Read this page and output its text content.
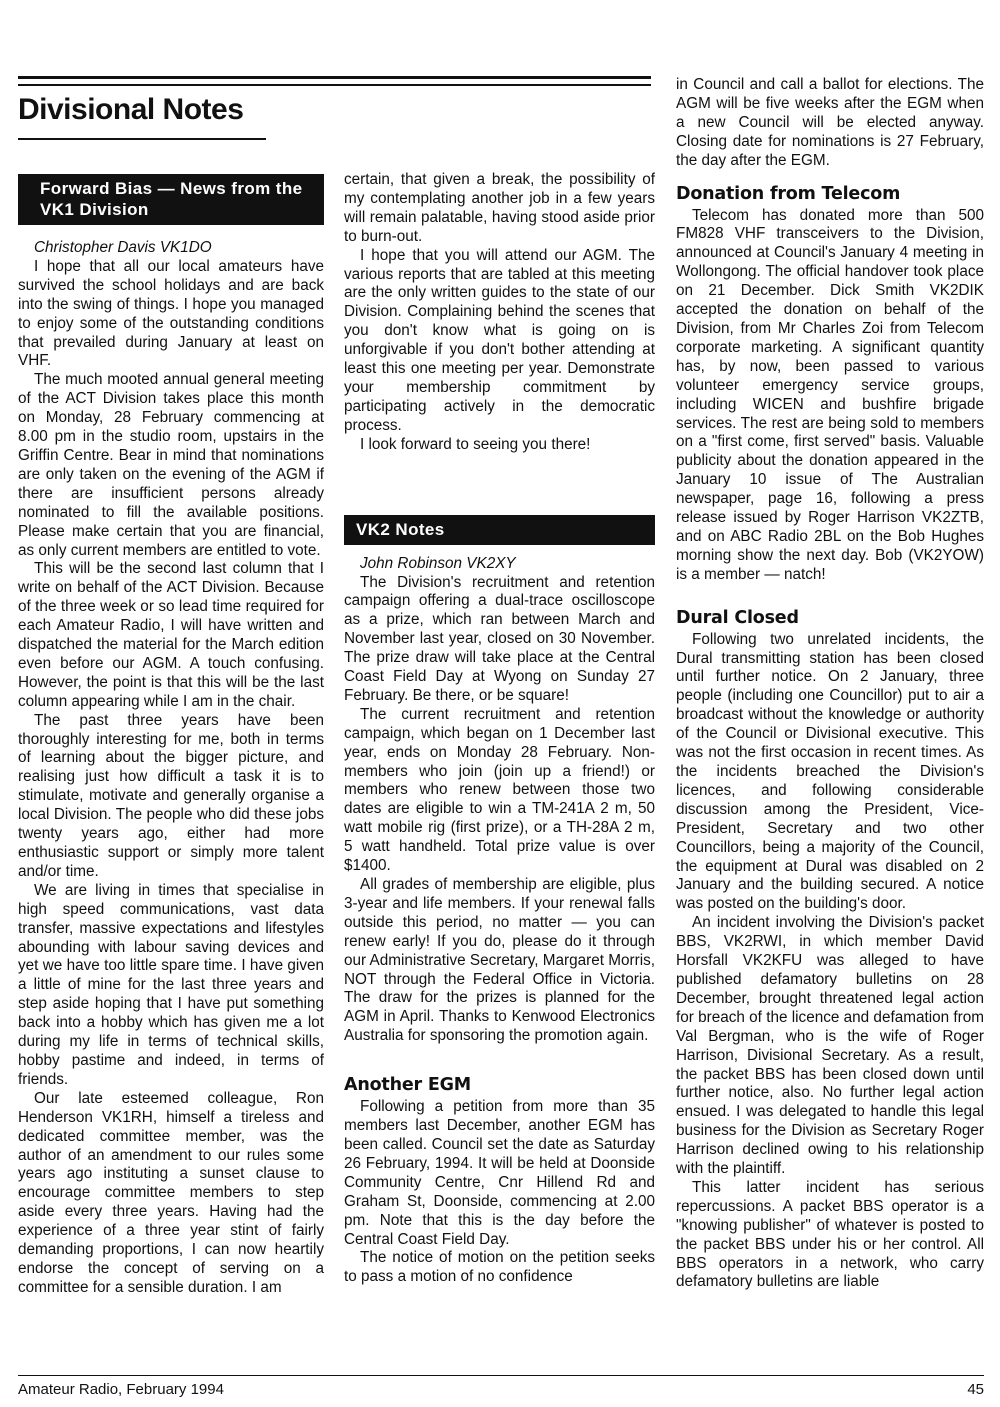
Divisional Notes
Forward Bias — News from the VK1 Division

Christopher Davis VK1DO

I hope that all our local amateurs have survived the school holidays and are back into the swing of things. I hope you managed to enjoy some of the outstanding conditions that prevailed during January at least on VHF.

The much mooted annual general meeting of the ACT Division takes place this month on Monday, 28 February commencing at 8.00 pm in the studio room, upstairs in the Griffin Centre. Bear in mind that nominations are only taken on the evening of the AGM if there are insufficient persons already nominated to fill the available positions. Please make certain that you are financial, as only current members are entitled to vote.

This will be the second last column that I write on behalf of the ACT Division. Because of the three week or so lead time required for each Amateur Radio, I will have written and dispatched the material for the March edition even before our AGM. A touch confusing. However, the point is that this will be the last column appearing while I am in the chair.

The past three years have been thoroughly interesting for me, both in terms of learning about the bigger picture, and realising just how difficult a task it is to stimulate, motivate and generally organise a local Division. The people who did these jobs twenty years ago, either had more enthusiastic support or simply more talent and/or time.

We are living in times that specialise in high speed communications, vast data transfer, massive expectations and lifestyles abounding with labour saving devices and yet we have too little spare time. I have given a little of mine for the last three years and step aside hoping that I have put something back into a hobby which has given me a lot during my life in terms of technical skills, hobby pastime and indeed, in terms of friends.

Our late esteemed colleague, Ron Henderson VK1RH, himself a tireless and dedicated committee member, was the author of an amendment to our rules some years ago instituting a sunset clause to encourage committee members to step aside every three years. Having had the experience of a three year stint of fairly demanding proportions, I can now heartily endorse the concept of serving on a committee for a sensible duration. I am

certain, that given a break, the possibility of my contemplating another job in a few years will remain palatable, having stood aside prior to burn-out.

I hope that you will attend our AGM. The various reports that are tabled at this meeting are the only written guides to the state of our Division. Complaining behind the scenes that you don't know what is going on is unforgivable if you don't bother attending at least this one meeting per year. Demonstrate your membership commitment by participating actively in the democratic process.

I look forward to seeing you there!

VK2 Notes

John Robinson VK2XY

The Division's recruitment and retention campaign offering a dual-trace oscilloscope as a prize, which ran between March and November last year, closed on 30 November. The prize draw will take place at the Central Coast Field Day at Wyong on Sunday 27 February. Be there, or be square!

The current recruitment and retention campaign, which began on 1 December last year, ends on Monday 28 February. Non-members who join (join up a friend!) or members who renew between those two dates are eligible to win a TM-241A 2 m, 50 watt mobile rig (first prize), or a TH-28A 2 m, 5 watt handheld. Total prize value is over $1400.

All grades of membership are eligible, plus 3-year and life members. If your renewal falls outside this period, no matter — you can renew early! If you do, please do it through our Administrative Secretary, Margaret Morris, NOT through the Federal Office in Victoria. The draw for the prizes is planned for the AGM in April. Thanks to Kenwood Electronics Australia for sponsoring the promotion again.

Another EGM

Following a petition from more than 35 members last December, another EGM has been called. Council set the date as Saturday 26 February, 1994. It will be held at Doonside Community Centre, Cnr Hillend Rd and Graham St, Doonside, commencing at 2.00 pm. Note that this is the day before the Central Coast Field Day.

The notice of motion on the petition seeks to pass a motion of no confidence

in Council and call a ballot for elections. The AGM will be five weeks after the EGM when a new Council will be elected anyway. Closing date for nominations is 27 February, the day after the EGM.

Donation from Telecom

Telecom has donated more than 500 FM828 VHF transceivers to the Division, announced at Council's January 4 meeting in Wollongong. The official handover took place on 21 December. Dick Smith VK2DIK accepted the donation on behalf of the Division, from Mr Charles Zoi from Telecom corporate marketing. A significant quantity has, by now, been passed to various volunteer emergency service groups, including WICEN and bushfire brigade services. The rest are being sold to members on a "first come, first served" basis. Valuable publicity about the donation appeared in the January 10 issue of The Australian newspaper, page 16, following a press release issued by Roger Harrison VK2ZTB, and on ABC Radio 2BL on the Bob Hughes morning show the next day. Bob (VK2YOW) is a member — natch!

Dural Closed

Following two unrelated incidents, the Dural transmitting station has been closed until further notice. On 2 January, three people (including one Councillor) put to air a broadcast without the knowledge or authority of the Council or Divisional executive. This was not the first occasion in recent times. As the incidents breached the Division's licences, and following considerable discussion among the President, Vice-President, Secretary and two other Councillors, being a majority of the Council, the equipment at Dural was disabled on 2 January and the building secured. A notice was posted on the building's door.

An incident involving the Division's packet BBS, VK2RWI, in which member David Horsfall VK2KFU was alleged to have published defamatory bulletins on 28 December, brought threatened legal action for breach of the licence and defamation from Val Bergman, who is the wife of Roger Harrison, Divisional Secretary. As a result, the packet BBS has been closed down until further notice, also. No further legal action ensued. I was delegated to handle this legal business for the Division as Secretary Roger Harrison declined owing to his relationship with the plaintiff.

This latter incident has serious repercussions. A packet BBS operator is a "knowing publisher" of whatever is posted to the packet BBS under his or her control. All BBS operators in a network, who carry defamatory bulletins are liable

Amateur Radio, February 1994	45
